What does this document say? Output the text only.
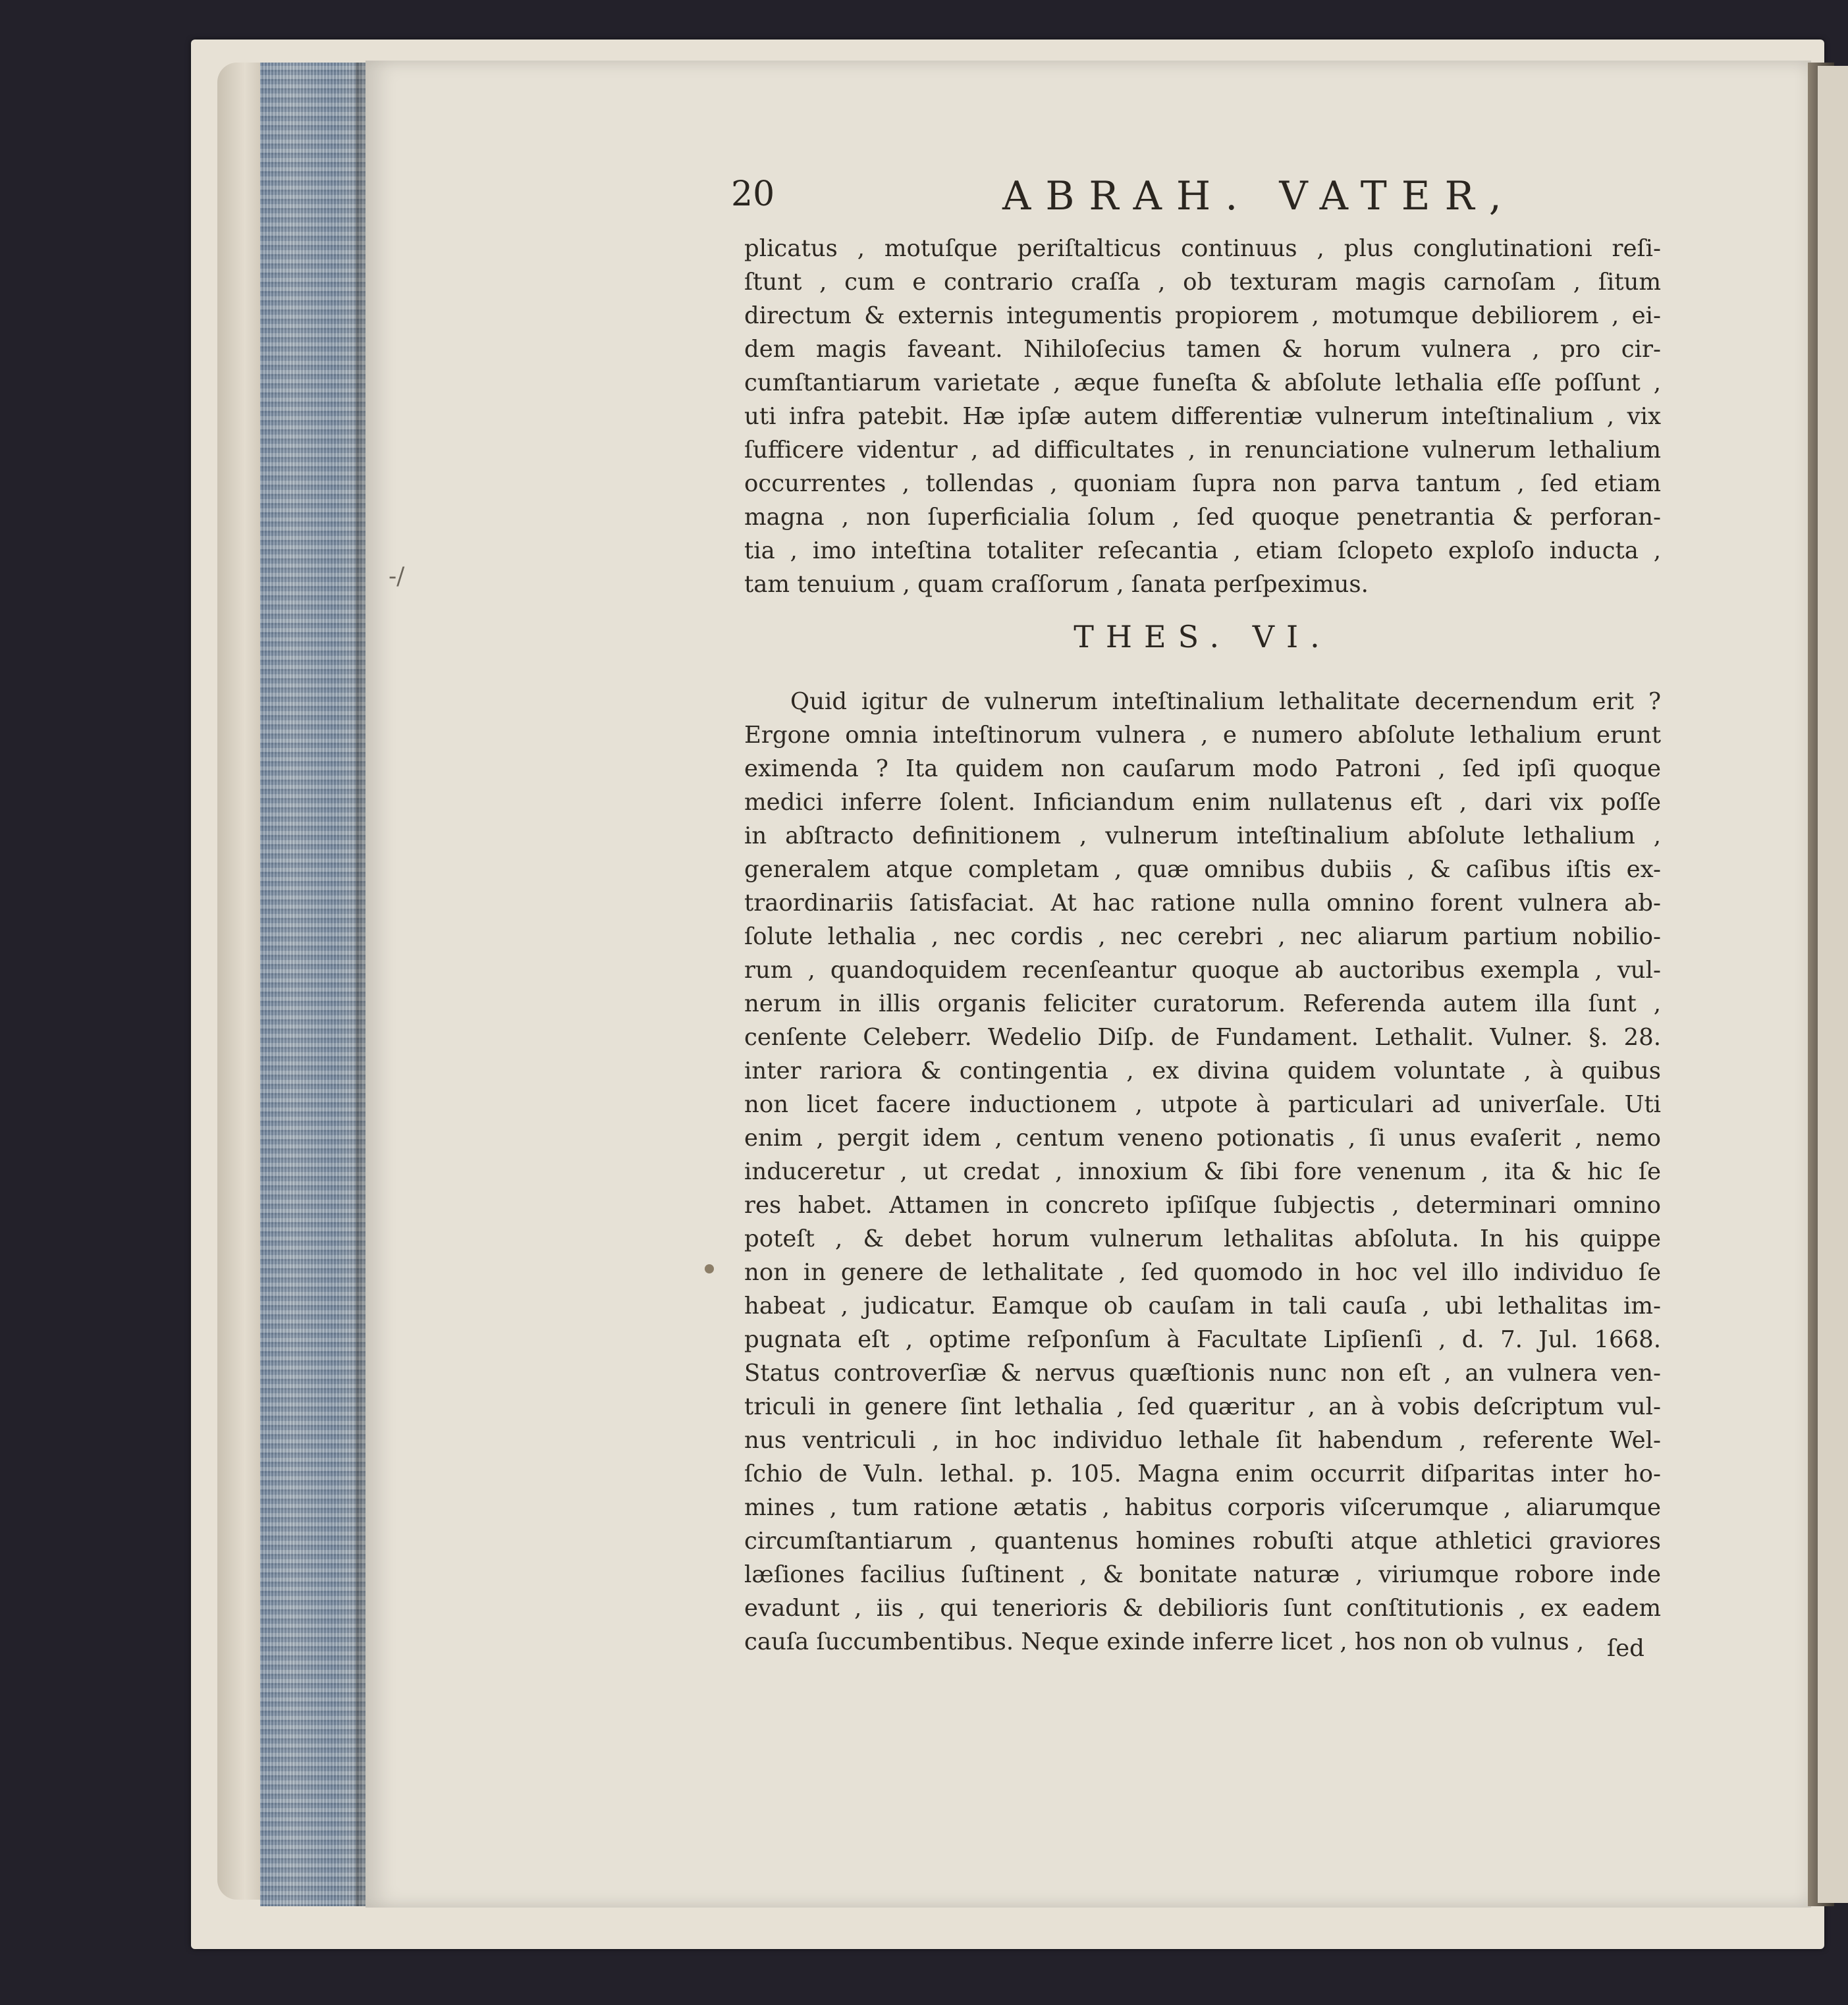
-/
20	ABRAH. VATER,
plicatus , motuſque periſtalticus continuus , plus conglutinationi reſi-
ſtunt , cum e contrario craſſa , ob texturam magis carnoſam , ſitum
directum & externis integumentis propiorem , motumque debiliorem , ei-
dem magis faveant. Nihiloſecius tamen & horum vulnera , pro cir-
cumſtantiarum varietate , æque funeſta & abſolute lethalia eſſe poſſunt ,
uti infra patebit. Hæ ipſæ autem differentiæ vulnerum inteſtinalium , vix
ſufficere videntur , ad difficultates , in renunciatione vulnerum lethalium
occurrentes , tollendas , quoniam ſupra non parva tantum , ſed etiam
magna , non ſuperficialia ſolum , ſed quoque penetrantia & perforan-
tia , imo inteſtina totaliter reſecantia , etiam ſclopeto exploſo inducta ,
tam tenuium , quam craſſorum , ſanata perſpeximus.
THES. VI.
Quid igitur de vulnerum inteſtinalium lethalitate decernendum erit ?
Ergone omnia inteſtinorum vulnera , e numero abſolute lethalium erunt
eximenda ? Ita quidem non cauſarum modo Patroni , ſed ipſi quoque
medici inferre ſolent. Inficiandum enim nullatenus eſt , dari vix poſſe
in abſtracto definitionem , vulnerum inteſtinalium abſolute lethalium ,
generalem atque completam , quæ omnibus dubiis , & caſibus iſtis ex-
traordinariis ſatisfaciat. At hac ratione nulla omnino forent vulnera ab-
ſolute lethalia , nec cordis , nec cerebri , nec aliarum partium nobilio-
rum , quandoquidem recenſeantur quoque ab auctoribus exempla , vul-
nerum in illis organis feliciter curatorum. Referenda autem illa ſunt ,
cenſente Celeberr. Wedelio Diſp. de Fundament. Lethalit. Vulner. §. 28.
inter rariora & contingentia , ex divina quidem voluntate , à quibus
non licet facere inductionem , utpote à particulari ad univerſale. Uti
enim , pergit idem , centum veneno potionatis , ſi unus evaſerit , nemo
induceretur , ut credat , innoxium & ſibi fore venenum , ita & hic ſe
res habet. Attamen in concreto ipſiſque ſubjectis , determinari omnino
poteſt , & debet horum vulnerum lethalitas abſoluta. In his quippe
non in genere de lethalitate , ſed quomodo in hoc vel illo individuo ſe
habeat , judicatur. Eamque ob cauſam in tali cauſa , ubi lethalitas im-
pugnata eſt , optime reſponſum à Facultate Lipſienſi , d. 7. Jul. 1668.
Status controverſiæ & nervus quæſtionis nunc non eſt , an vulnera ven-
triculi in genere ſint lethalia , ſed quæritur , an à vobis deſcriptum vul-
nus ventriculi , in hoc individuo lethale ſit habendum , referente Wel-
ſchio de Vuln. lethal. p. 105. Magna enim occurrit diſparitas inter ho-
mines , tum ratione ætatis , habitus corporis viſcerumque , aliarumque
circumſtantiarum , quantenus homines robuſti atque athletici graviores
læſiones facilius ſuſtinent , & bonitate naturæ , viriumque robore inde
evadunt , iis , qui tenerioris & debilioris ſunt conſtitutionis , ex eadem
cauſa ſuccumbentibus. Neque exinde inferre licet , hos non ob vulnus , ſed
